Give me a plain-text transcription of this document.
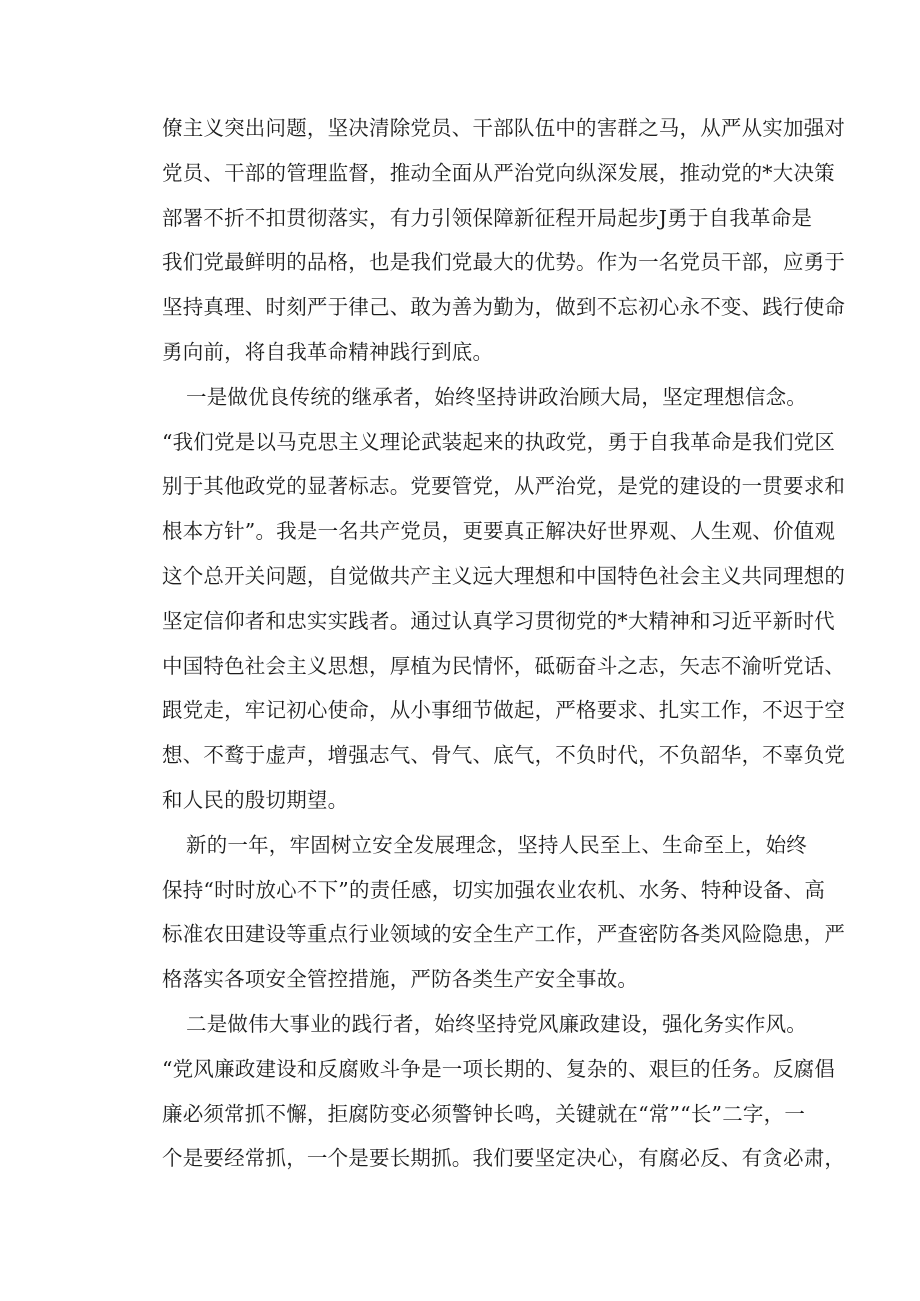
僚主义突出问题，坚决清除党员、干部队伍中的害群之马，从严从实加强对
党员、干部的管理监督，推动全面从严治党向纵深发展，推动党的*大决策
部署不折不扣贯彻落实，有力引领保障新征程开局起步J勇于自我革命是
我们党最鲜明的品格，也是我们党最大的优势。作为一名党员干部，应勇于
坚持真理、时刻严于律己、敢为善为勤为，做到不忘初心永不变、践行使命
勇向前，将自我革命精神践行到底。
一是做优良传统的继承者，始终坚持讲政治顾大局，坚定理想信念。
“我们党是以马克思主义理论武装起来的执政党，勇于自我革命是我们党区
别于其他政党的显著标志。党要管党，从严治党，是党的建设的一贯要求和
根本方针”。我是一名共产党员，更要真正解决好世界观、人生观、价值观
这个总开关问题，自觉做共产主义远大理想和中国特色社会主义共同理想的
坚定信仰者和忠实实践者。通过认真学习贯彻党的*大精神和习近平新时代
中国特色社会主义思想，厚植为民情怀，砥砺奋斗之志，矢志不渝听党话、
跟党走，牢记初心使命，从小事细节做起，严格要求、扎实工作，不迟于空
想、不鹜于虚声，增强志气、骨气、底气，不负时代，不负韶华，不辜负党
和人民的殷切期望。
新的一年，牢固树立安全发展理念，坚持人民至上、生命至上，始终
保持“时时放心不下”的责任感，切实加强农业农机、水务、特种设备、高
标准农田建设等重点行业领域的安全生产工作，严查密防各类风险隐患，严
格落实各项安全管控措施，严防各类生产安全事故。
二是做伟大事业的践行者，始终坚持党风廉政建设，强化务实作风。
“党风廉政建设和反腐败斗争是一项长期的、复杂的、艰巨的任务。反腐倡
廉必须常抓不懈，拒腐防变必须警钟长鸣，关键就在“常”“长”二字，一
个是要经常抓，一个是要长期抓。我们要坚定决心，有腐必反、有贪必肃，
